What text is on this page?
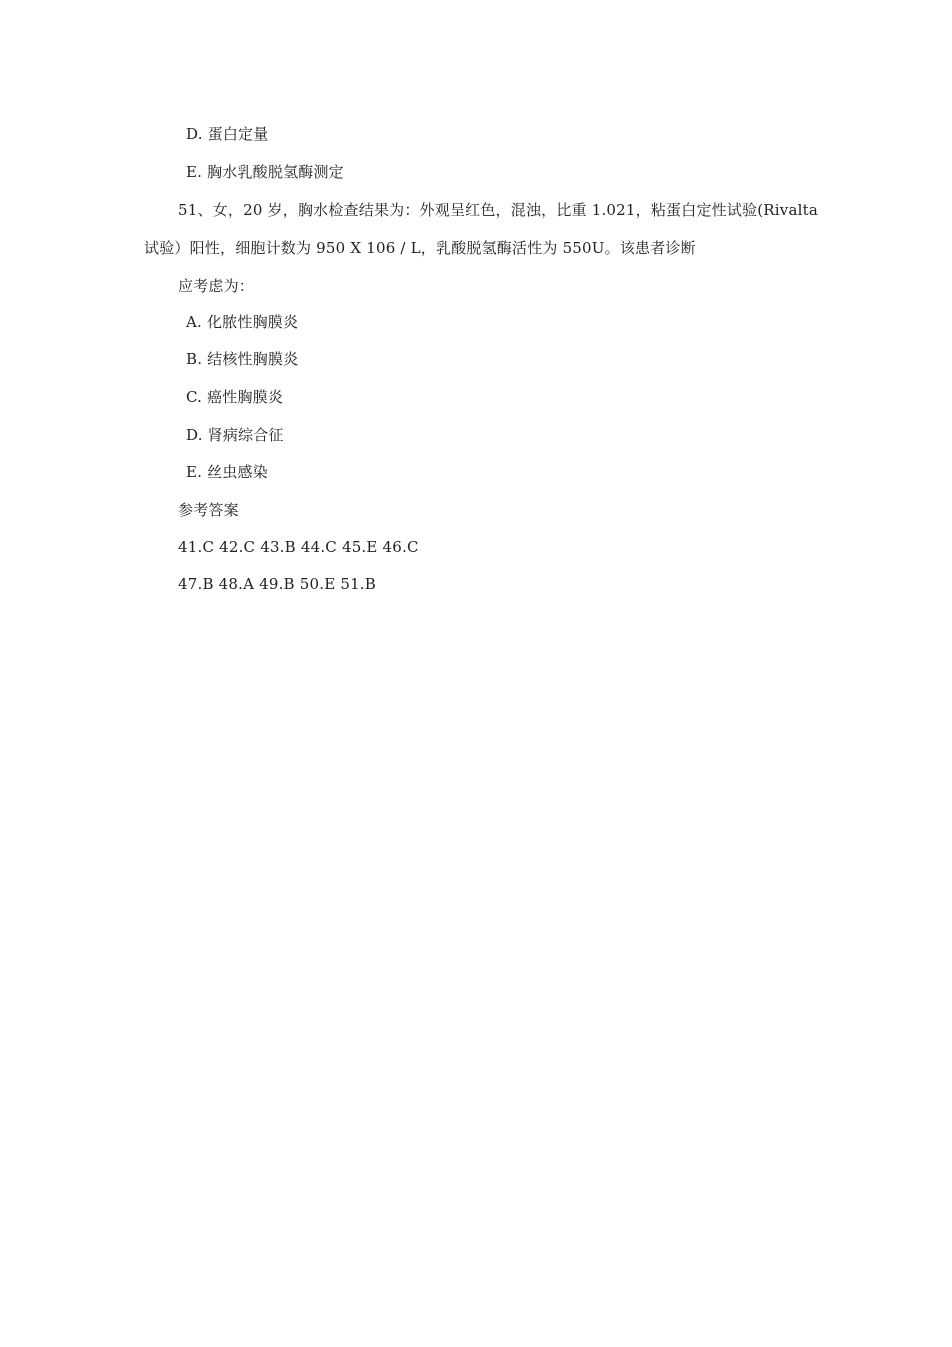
D. 蛋白定量
E. 胸水乳酸脱氢酶测定
51、女，20 岁，胸水检查结果为：外观呈红色，混浊，比重 1.021，粘蛋白定性试验(Rivalta
试验）阳性，细胞计数为 950 X 106 / L，乳酸脱氢酶活性为 550U。该患者诊断
应考虑为：
A. 化脓性胸膜炎
B. 结核性胸膜炎
C. 癌性胸膜炎
D. 肾病综合征
E. 丝虫感染
参考答案
41.C 42.C 43.B 44.C 45.E 46.C
47.B 48.A 49.B 50.E 51.B
